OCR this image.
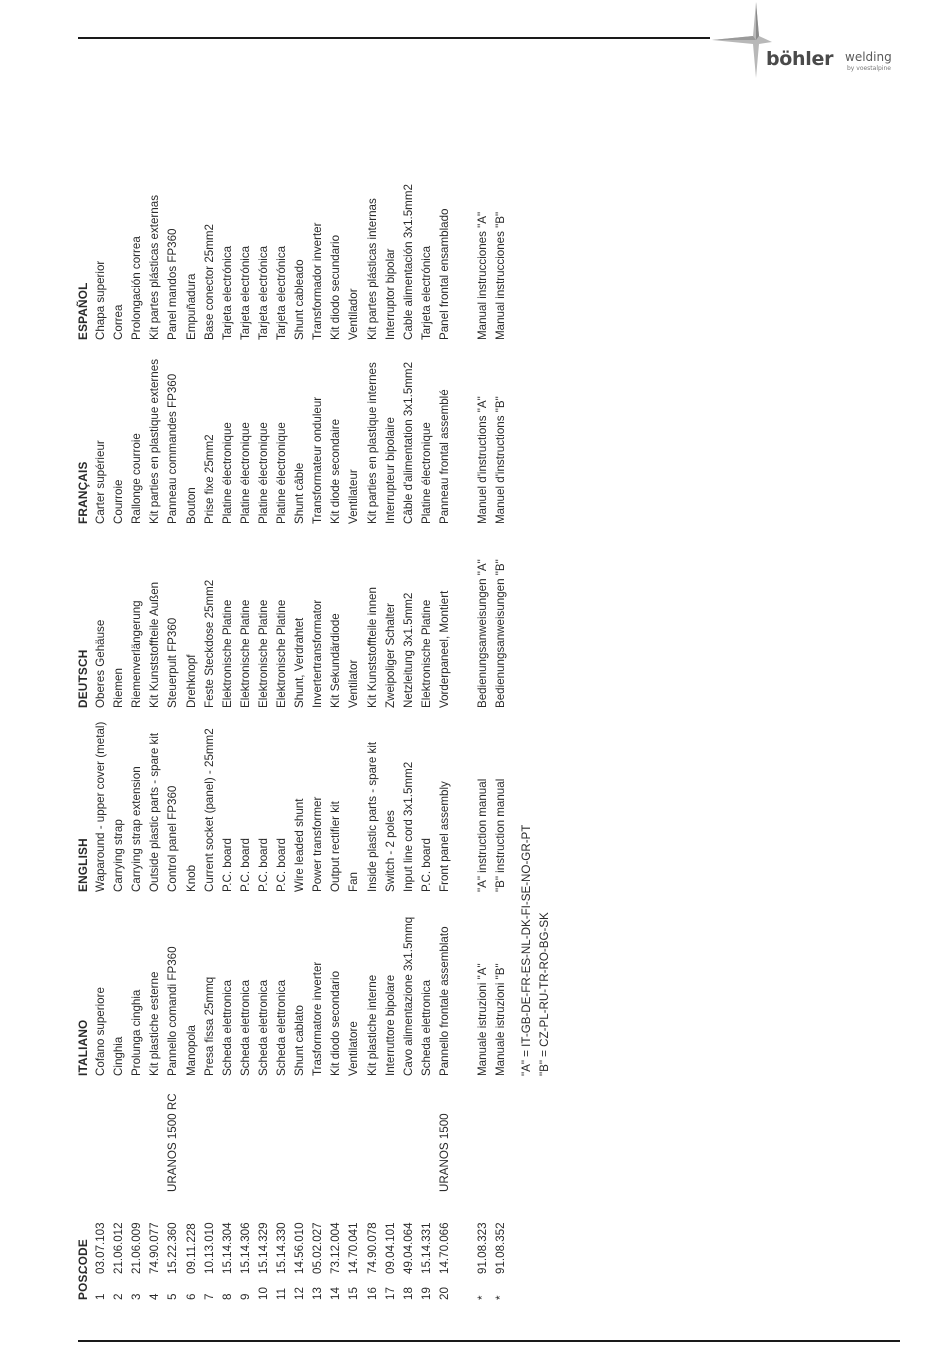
böhler welding
by voestalpine
POS.
CODE
ITALIANO
ENGLISH
DEUTSCH
FRANÇAIS
ESPAÑOL
1
03.07.103
Cofano superiore
Waparound - upper cover (metal)
Oberes Gehäuse
Carter supérieur
Chapa superior
2
21.06.012
Cinghia
Carrying strap
Riemen
Courroie
Correa
3
21.06.009
Prolunga cinghia
Carrying strap extension
Riemenverlängerung
Rallonge courroie
Prolongación correa
4
74.90.077
Kit plastiche esterne
Outside plastic parts - spare kit
Kit Kunststoffteile Außen
Kit parties en plastique externes
Kit partes plásticas externas
5
15.22.360
URANOS 1500 RC
Pannello comandi FP360
Control panel FP360
Steuerpult FP360
Panneau commandes FP360
Panel mandos FP360
6
09.11.228
Manopola
Knob
Drehknopf
Bouton
Empuñadura
7
10.13.010
Presa fissa 25mmq
Current socket (panel) - 25mm2
Feste Steckdose 25mm2
Prise fixe 25mm2
Base conector 25mm2
8
15.14.304
Scheda elettronica
P.C. board
Elektronische Platine
Platine électronique
Tarjeta electrónica
9
15.14.306
Scheda elettronica
P.C. board
Elektronische Platine
Platine électronique
Tarjeta electrónica
10
15.14.329
Scheda elettronica
P.C. board
Elektronische Platine
Platine électronique
Tarjeta electrónica
11
15.14.330
Scheda elettronica
P.C. board
Elektronische Platine
Platine électronique
Tarjeta electrónica
12
14.56.010
Shunt cablato
Wire leaded shunt
Shunt, Verdrahtet
Shunt câble
Shunt cableado
13
05.02.027
Trasformatore inverter
Power transformer
Invertertransformator
Transformateur onduleur
Transformador inverter
14
73.12.004
Kit diodo secondario
Output rectifier kit
Kit Sekundärdiode
Kit diode secondaire
Kit diodo secundario
15
14.70.041
Ventilatore
Fan
Ventilator
Ventilateur
Ventilador
16
74.90.078
Kit plastiche interne
Inside plastic parts - spare kit
Kit Kunststoffteile innen
Kit parties en plastique internes
Kit partes plásticas internas
17
09.04.101
Interruttore bipolare
Switch - 2 poles
Zweipoliger Schalter
Interrupteur bipolaire
Interruptor bipolar
18
49.04.064
Cavo alimentazione 3x1.5mmq
Input line cord 3x1.5mm2
Netzleitung 3x1.5mm2
Câble d'alimentation 3x1.5mm2
Cable alimentación 3x1.5mm2
19
15.14.331
Scheda elettronica
P.C. board
Elektronische Platine
Platine électronique
Tarjeta electrónica
20
14.70.066
URANOS 1500
Pannello frontale assemblato
Front panel assembly
Vorderpaneel, Montiert
Panneau frontal assemblé
Panel frontal ensamblado
*
91.08.323
Manuale istruzioni "A"
"A" instruction manual
Bedienungsanweisungen "A"
Manuel d'instructions "A"
Manual instrucciones "A"
*
91.08.352
Manuale istruzioni "B"
"B" instruction manual
Bedienungsanweisungen "B"
Manuel d'instructions "B"
Manual instrucciones "B"
"A" = IT-GB-DE-FR-ES-NL-DK-FI-SE-NO-GR-PT "B" = CZ-PL-RU-TR-RO-BG-SK
